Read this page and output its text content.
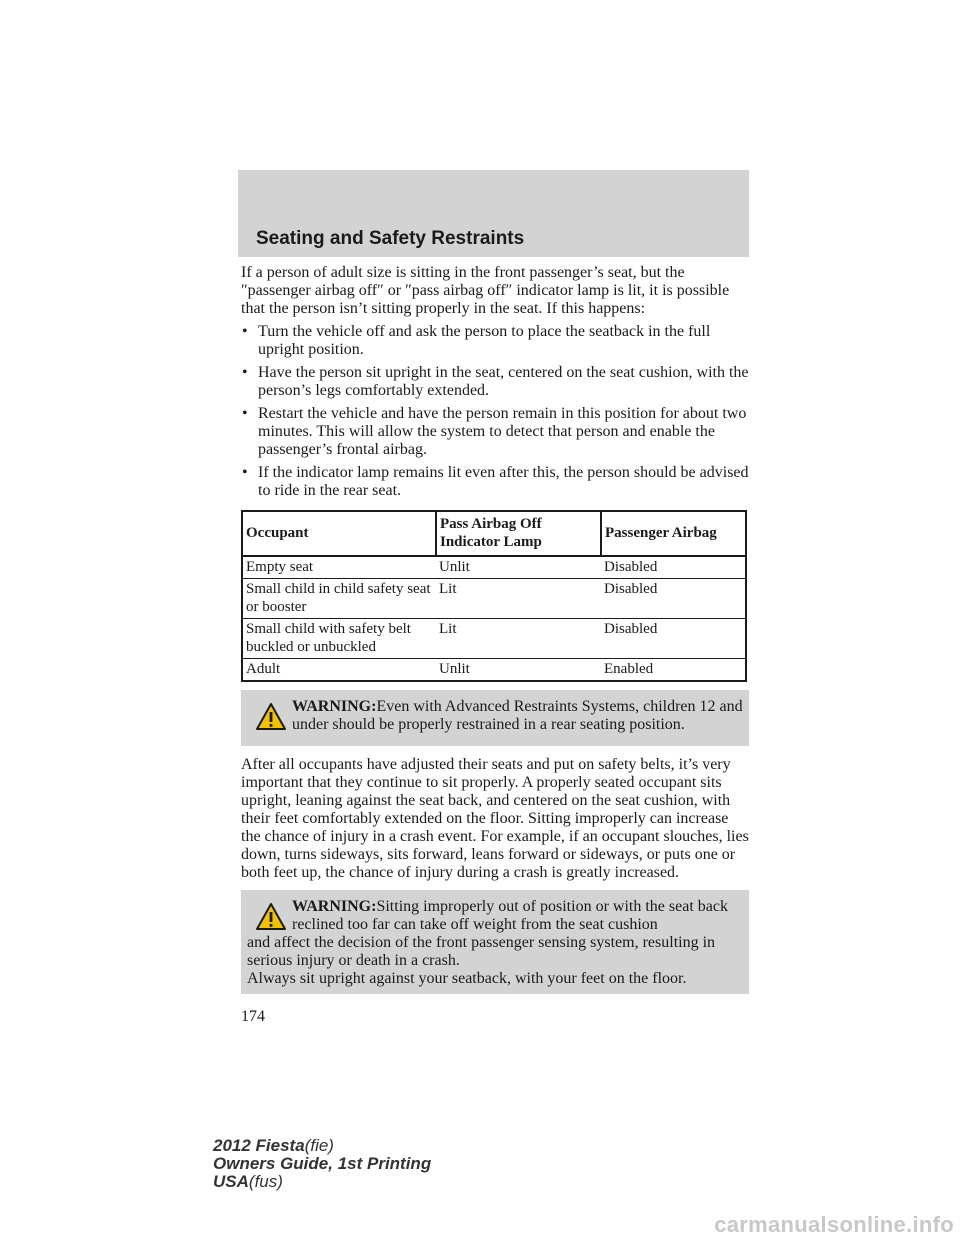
Seating and Safety Restraints

If a person of adult size is sitting in the front passenger’s seat, but the ″passenger airbag off″ or ″pass airbag off″ indicator lamp is lit, it is possible that the person isn’t sitting properly in the seat. If this happens:

• Turn the vehicle off and ask the person to place the seatback in the full upright position.
• Have the person sit upright in the seat, centered on the seat cushion, with the person’s legs comfortably extended.
• Restart the vehicle and have the person remain in this position for about two minutes. This will allow the system to detect that person and enable the passenger’s frontal airbag.
• If the indicator lamp remains lit even after this, the person should be advised to ride in the rear seat.
Occupant	Pass Airbag Off Indicator Lamp	Passenger Airbag
Empty seat	Unlit	Disabled
Small child in child safety seat or booster	Lit	Disabled
Small child with safety belt buckled or unbuckled	Lit	Disabled
Adult	Unlit	Enabled

WARNING:Even with Advanced Restraints Systems, children 12 and under should be properly restrained in a rear seating position.

After all occupants have adjusted their seats and put on safety belts, it’s very important that they continue to sit properly. A properly seated occupant sits upright, leaning against the seat back, and centered on the seat cushion, with their feet comfortably extended on the floor. Sitting improperly can increase the chance of injury in a crash event. For example, if an occupant slouches, lies down, turns sideways, sits forward, leans forward or sideways, or puts one or both feet up, the chance of injury during a crash is greatly increased.

WARNING:Sitting improperly out of position or with the seat back reclined too far can take off weight from the seat cushion

and affect the decision of the front passenger sensing system, resulting in serious injury or death in a crash.

Always sit upright against your seatback, with your feet on the floor.

174

2012 Fiesta(fie)
Owners Guide, 1st Printing
USA(fus)
carmanualsonline.info
